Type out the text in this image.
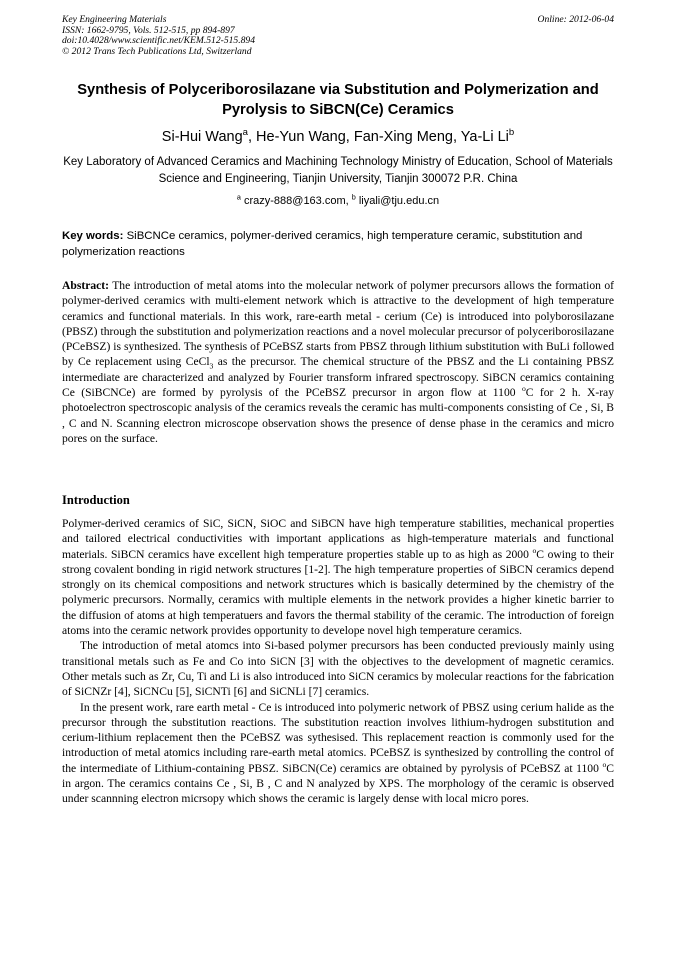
Key Engineering Materials
ISSN: 1662-9795, Vols. 512-515, pp 894-897
doi:10.4028/www.scientific.net/KEM.512-515.894
© 2012 Trans Tech Publications Ltd, Switzerland
Online: 2012-06-04
Synthesis of Polyceriborosilazane via Substitution and Polymerization and Pyrolysis to SiBCN(Ce) Ceramics
Si-Hui Wang$^a$, He-Yun Wang, Fan-Xing Meng, Ya-Li Li$^b$
Key Laboratory of Advanced Ceramics and Machining Technology Ministry of Education, School of Materials Science and Engineering, Tianjin University, Tianjin 300072 P.R. China
$^a$ crazy-888@163.com, $^b$ liyali@tju.edu.cn
Key words: SiBCNCe ceramics, polymer-derived ceramics, high temperature ceramic, substitution and polymerization reactions
Abstract: The introduction of metal atoms into the molecular network of polymer precursors allows the formation of polymer-derived ceramics with multi-element network which is attractive to the development of high temperature ceramics and functional materials. In this work, rare-earth metal - cerium (Ce) is introduced into polyborosilazane (PBSZ) through the substitution and polymerization reactions and a novel molecular precursor of polyceriborosilazane (PCeBSZ) is synthesized. The synthesis of PCeBSZ starts from PBSZ through lithium substitution with BuLi followed by Ce replacement using CeCl$_3$ as the precursor. The chemical structure of the PBSZ and the Li containing PBSZ intermediate are characterized and analyzed by Fourier transform infrared spectroscopy. SiBCN ceramics containing Ce (SiBCNCe) are formed by pyrolysis of the PCeBSZ precursor in argon flow at 1100 $^o$C for 2 h. X-ray photoelectron spectroscopic analysis of the ceramics reveals the ceramic has multi-components consisting of Ce , Si, B , C and N. Scanning electron microscope observation shows the presence of dense phase in the ceramics and micro pores on the surface.
Introduction

Polymer-derived ceramics of SiC, SiCN, SiOC and SiBCN have high temperature stabilities, mechanical properties and tailored electrical conductivities with important applications as high-temperature materials and functional materials. SiBCN ceramics have excellent high temperature properties stable up to as high as 2000 $^o$C owing to their strong covalent bonding in rigid network structures [1-2]. The high temperature properties of SiBCN ceramics depend strongly on its chemical compositions and network structures which is basically determined by the chemistry of the polymeric precursors. Normally, ceramics with multiple elements in the network provides a higher kinetic barrier to the diffusion of atoms at high temperatuers and favors the thermal stability of the ceramic. The introduction of foreign atoms into the ceramic network provides opportunity to develope novel high temperature ceramics.

The introduction of metal atomcs into Si-based polymer precursors has been conducted previously mainly using transitional metals such as Fe and Co into SiCN [3] with the objectives to the development of magnetic ceramics. Other metals such as Zr, Cu, Ti and Li is also introduced into SiCN ceramics by molecular reactions for the fabrication of SiCNZr [4], SiCNCu [5], SiCNTi [6] and SiCNLi [7] ceramics.

In the present work, rare earth metal - Ce is introduced into polymeric network of PBSZ using cerium halide as the precursor through the substitution reactions. The substitution reaction involves lithium-hydrogen substitution and cerium-lithium replacement then the PCeBSZ was sythesised. This replacement reaction is commonly used for the introduction of metal atomics including rare-earth metal atomics. PCeBSZ is synthesized by controlling the control of the intermediate of Lithium-containing PBSZ. SiBCN(Ce) ceramics are obtained by pyrolysis of PCeBSZ at 1100 $^o$C in argon. The ceramics contains Ce , Si, B , C and N analyzed by XPS. The morphology of the ceramic is observed under scannning electron micrsopy which shows the ceramic is largely dense with local micro pores.
